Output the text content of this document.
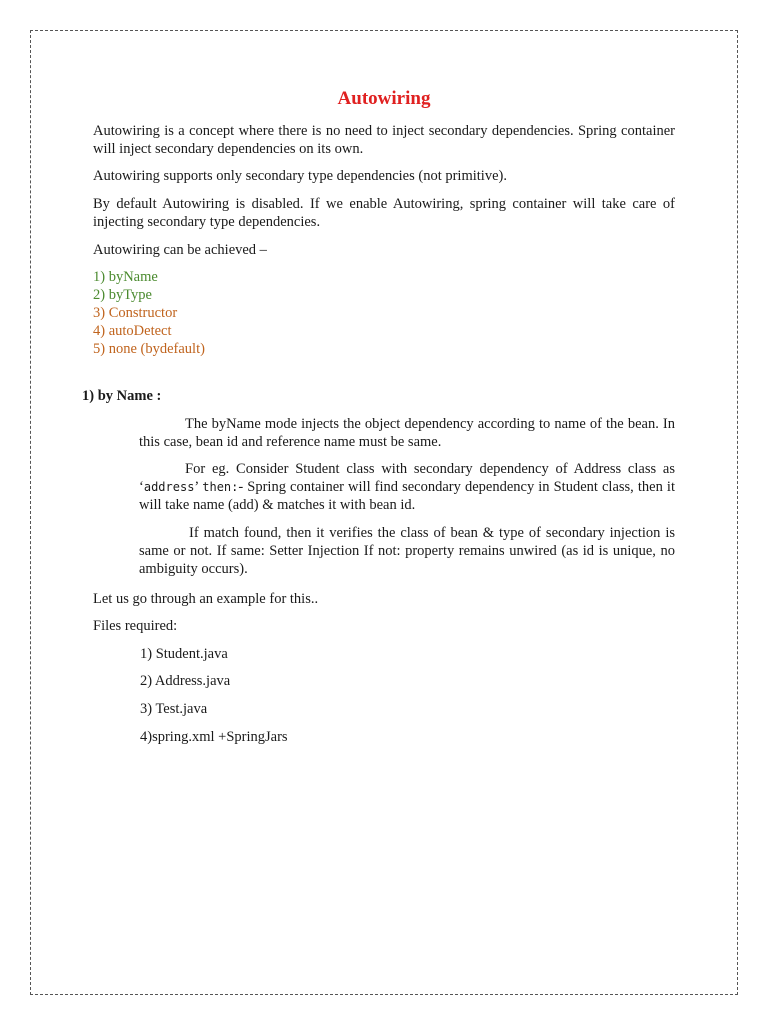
Autowiring

Autowiring is a concept where there is no need to inject secondary dependencies. Spring container will inject secondary dependencies on its own.

Autowiring supports only secondary type dependencies (not primitive).

By default Autowiring is disabled. If we enable Autowiring, spring container will take care of injecting secondary type dependencies.

Autowiring can be achieved –

1) byName
2) byType
3) Constructor
4) autoDetect
5) none (bydefault)
1) by Name :

The byName mode injects the object dependency according to name of the bean. In this case, bean id and reference name must be same.

For eg. Consider Student class with secondary dependency of Address class as ‘address’ then:- Spring container will find secondary dependency in Student class, then it will take name (add) & matches it with bean id.

If match found, then it verifies the class of bean & type of secondary injection is same or not. If same: Setter Injection If not: property remains unwired (as id is unique, no ambiguity occurs).

Let us go through an example for this..

Files required:

1) Student.java
2) Address.java
3) Test.java
4)spring.xml +SpringJars
